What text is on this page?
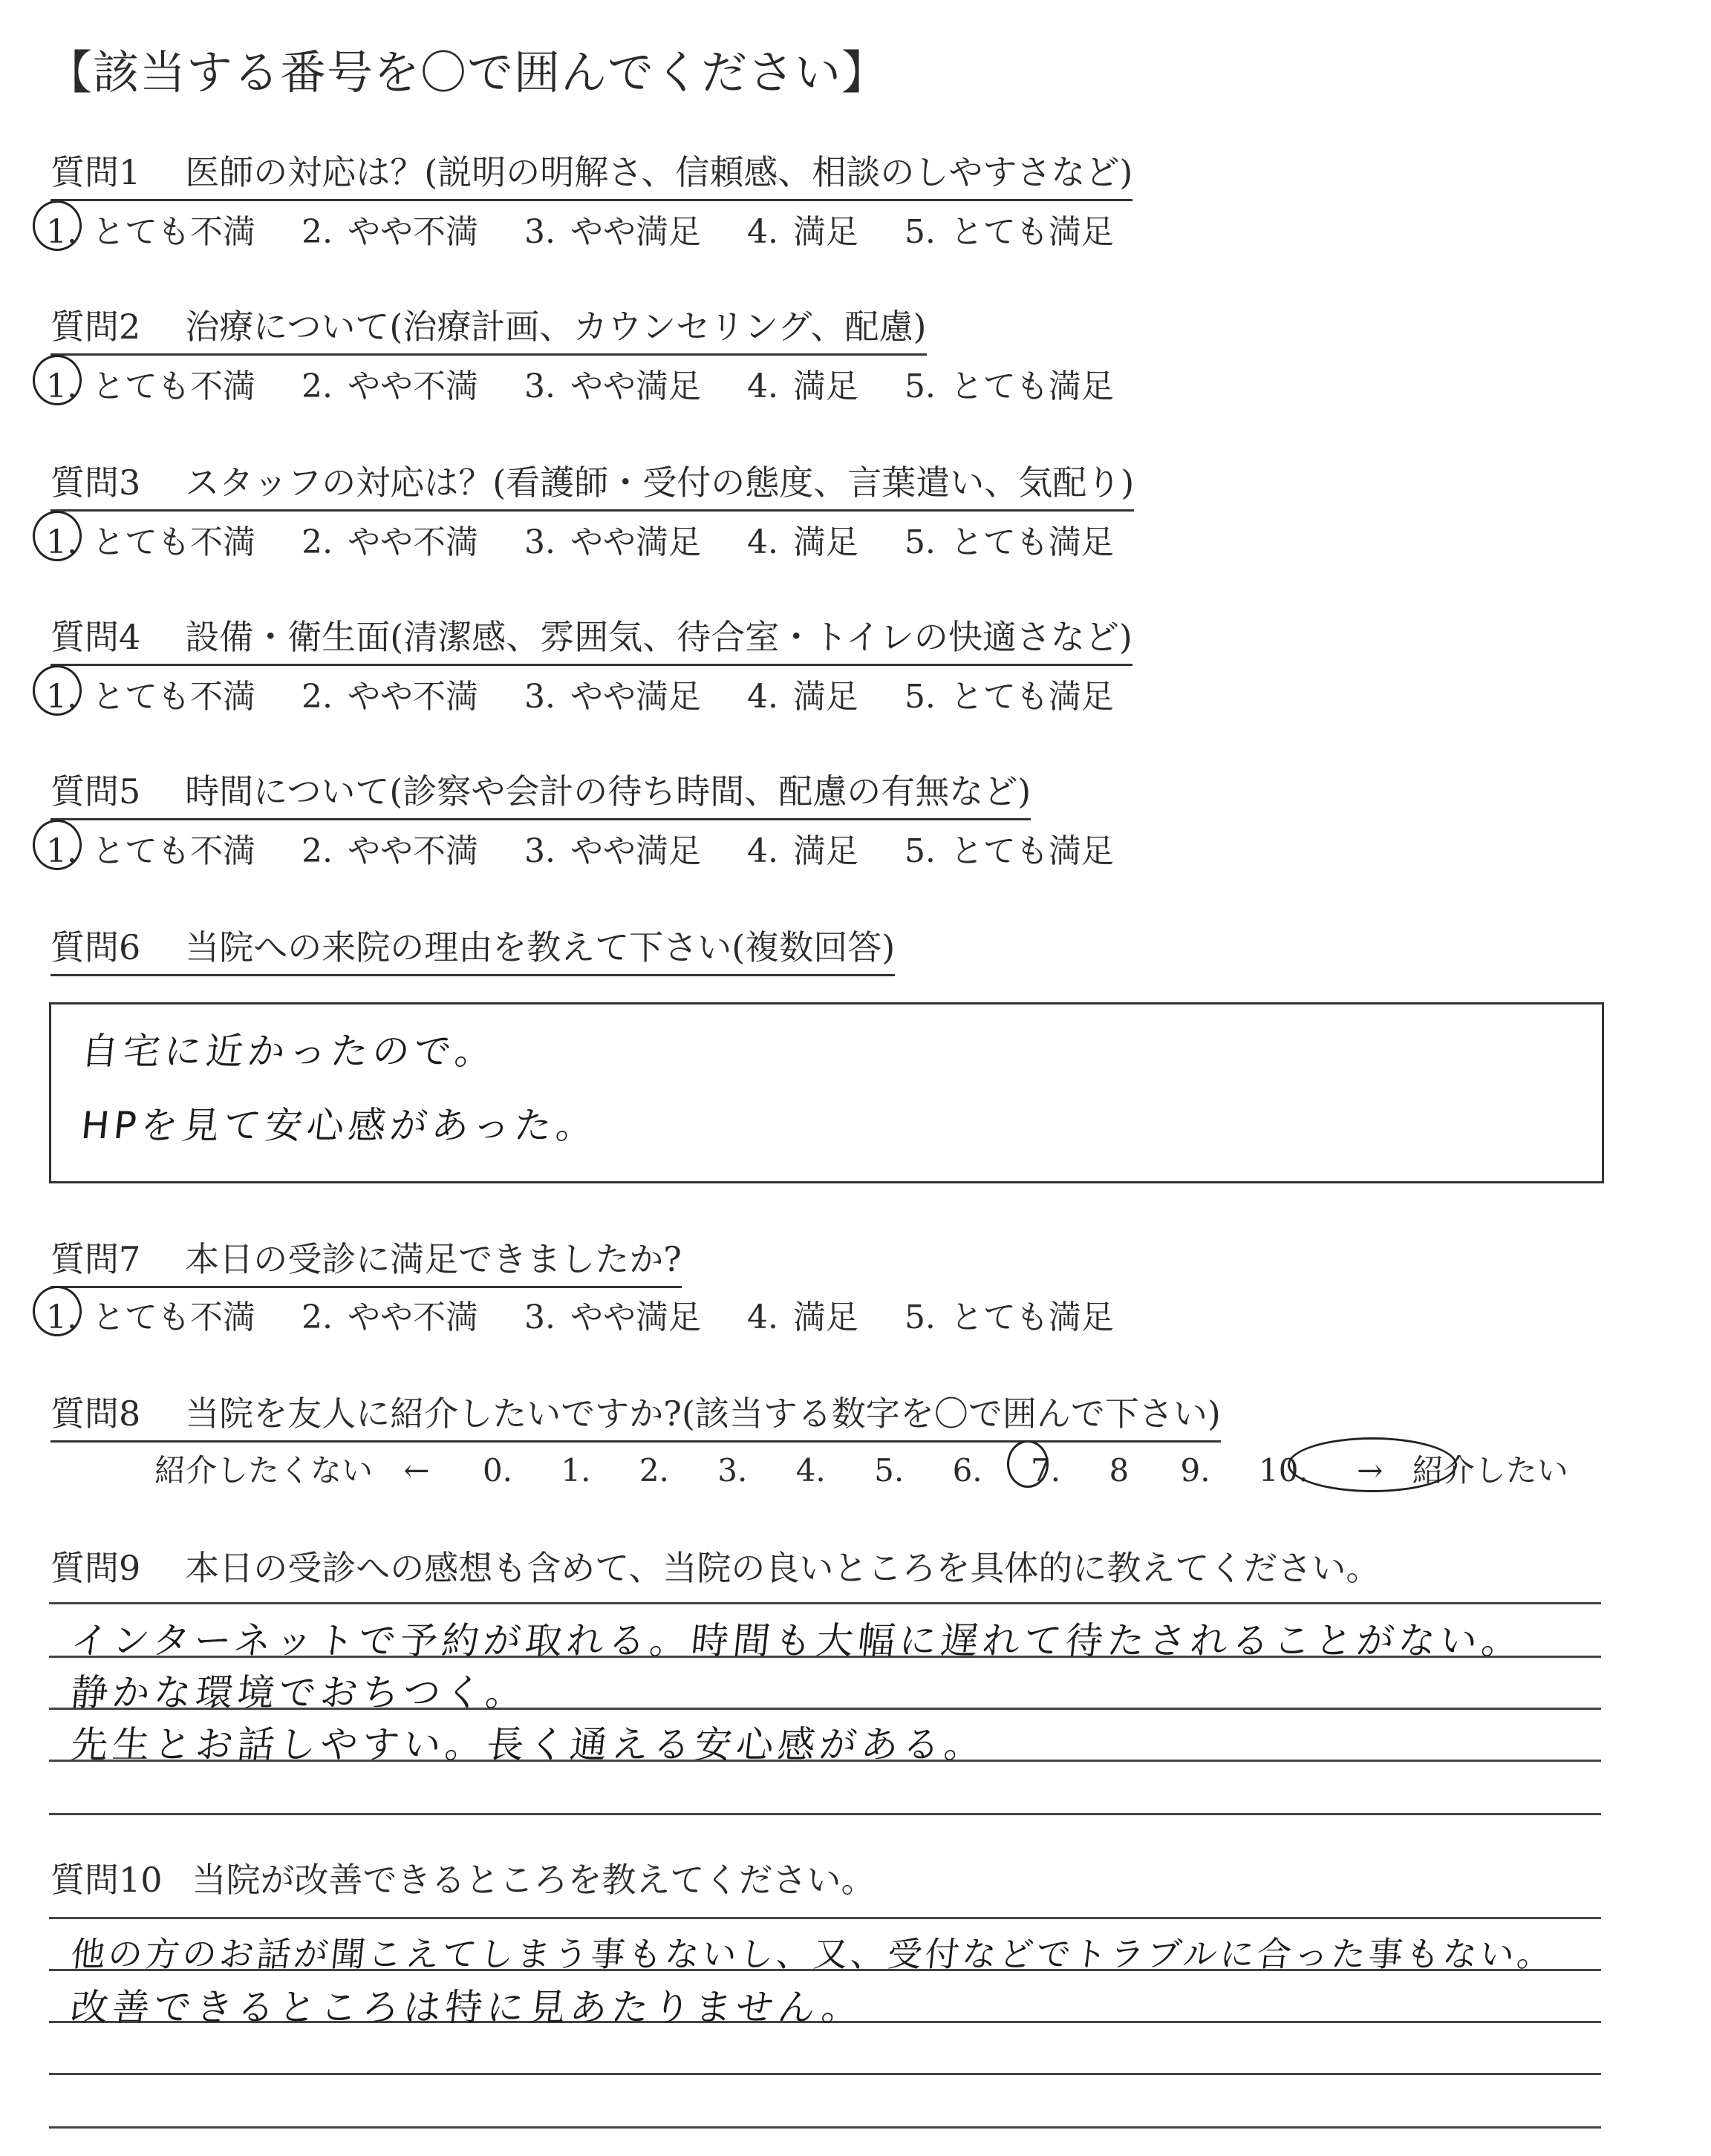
【該当する番号を〇で囲んでください】
質問1 医師の対応は？(説明の明解さ、信頼感、相談のしやすさなど)
1. とても不満 2. やや不満 3. やや満足 4. 満足 5. とても満足
質問2 治療について(治療計画、カウンセリング、配慮)
1. とても不満 2. やや不満 3. やや満足 4. 満足 5. とても満足
質問3 スタッフの対応は？(看護師・受付の態度、言葉遣い、気配り)
1. とても不満 2. やや不満 3. やや満足 4. 満足 5. とても満足
質問4 設備・衛生面(清潔感、雰囲気、待合室・トイレの快適さなど)
1. とても不満 2. やや不満 3. やや満足 4. 満足 5. とても満足
質問5 時間について(診察や会計の待ち時間、配慮の有無など)
1. とても不満 2. やや不満 3. やや満足 4. 満足 5. とても満足
質問6 当院への来院の理由を教えて下さい(複数回答)
自宅に近かったので。
HPを見て安心感があった。
質問7 本日の受診に満足できましたか?
1. とても不満 2. やや不満 3. やや満足 4. 満足 5. とても満足
質問8 当院を友人に紹介したいですか?(該当する数字を〇で囲んで下さい)
紹介したくない ← 0. 1. 2. 3. 4. 5. 6. 7. 8 9. 10. → 紹介したい
質問9 本日の受診への感想も含めて、当院の良いところを具体的に教えてください。
インターネットで予約が取れる。時間も大幅に遅れて待たされることがない。
静かな環境でおちつく。
先生とお話しやすい。長く通える安心感がある。
質問10 当院が改善できるところを教えてください。
他の方のお話が聞こえてしまう事もないし、又、受付などでトラブルに合った事もない。
改善できるところは特に見あたりません。
